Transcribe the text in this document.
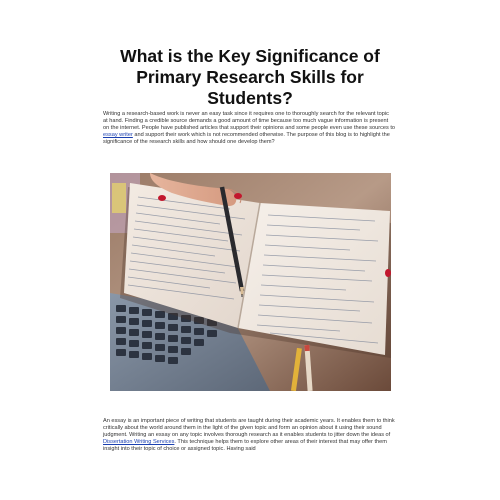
What is the Key Significance of Primary Research Skills for Students?

Writing a research-based work is never an easy task since it requires one to thoroughly search for the relevant topic at hand. Finding a credible source demands a good amount of time because too much vague information is present on the internet. People have published articles that support their opinions and some people even use these sources to essay writer and support their work which is not recommended otherwise. The purpose of this blog is to highlight the significance of the research skills and how should one develop them?

An essay is an important piece of writing that students are taught during their academic years. It enables them to think critically about the world around them in the light of the given topic and form an opinion about it using their sound judgment. Writing an essay on any topic involves thorough research as it enables students to jitter down the ideas of Dissertation Writing Services. This technique helps them to explore other areas of their interest that may offer them insight into their topic of choice or assigned topic. Having said
